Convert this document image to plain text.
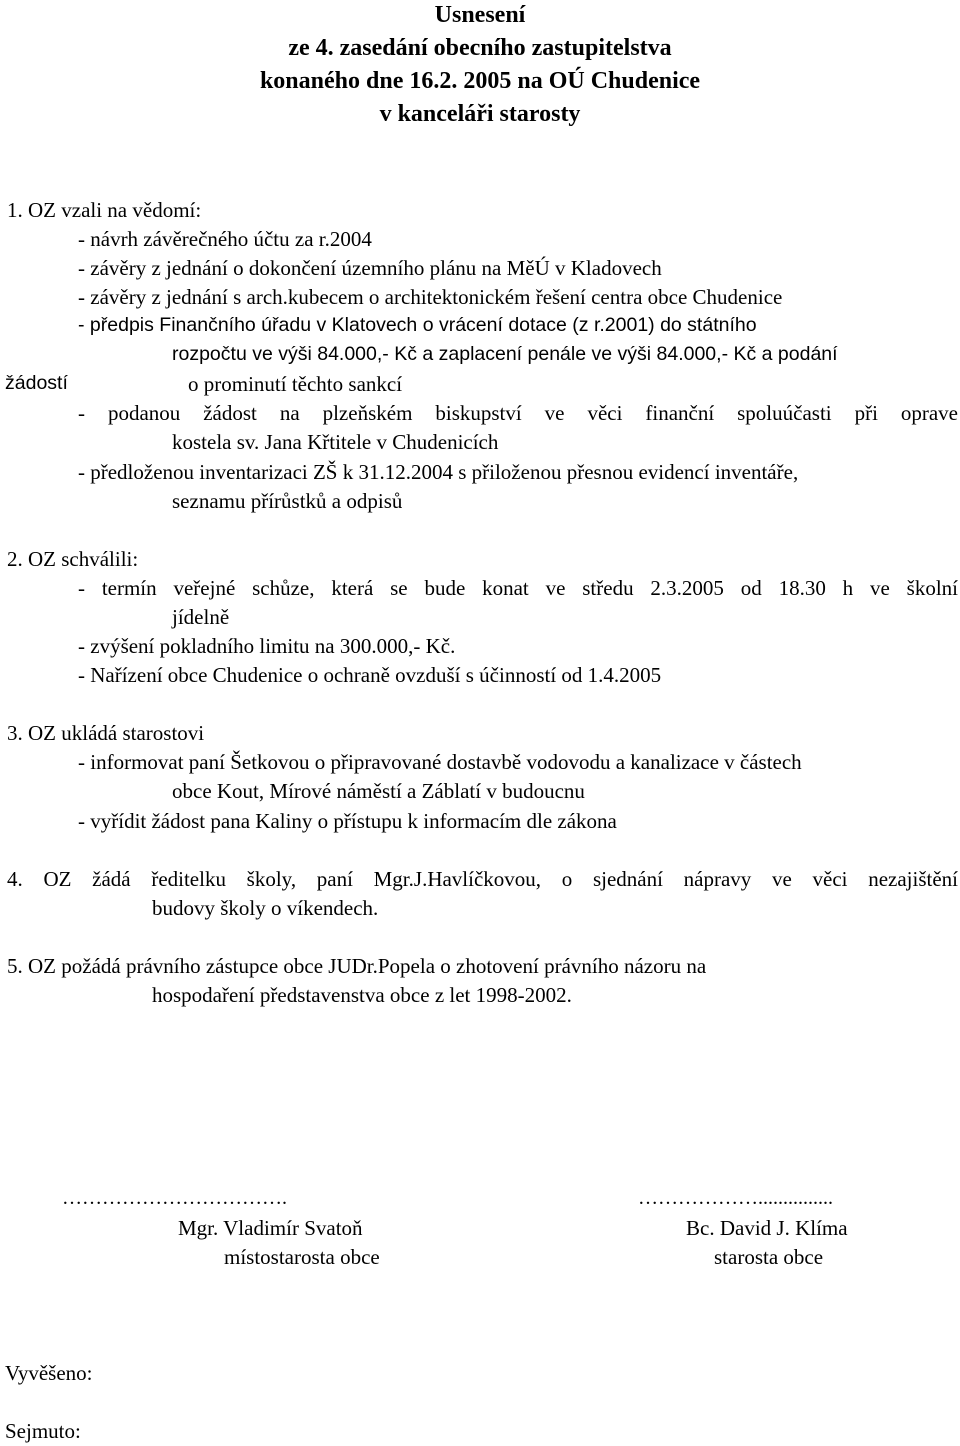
Usnesení
ze 4. zasedání obecního zastupitelstva
konaného dne 16.2. 2005 na OÚ Chudenice
v kanceláři starosty
1. OZ vzali na vědomí:
- návrh závěrečného účtu za r.2004
- závěry z jednání o dokončení územního plánu na MěÚ v Kladovech
- závěry z jednání s arch.kubecem o architektonickém řešení centra obce Chudenice
- předpis Finančního úřadu v Klatovech o vrácení dotace (z r.2001) do státního
rozpočtu ve výši 84.000,- Kč a zaplacení penále ve výši 84.000,- Kč a podání
žádostí	o prominutí těchto sankcí
- podanou žádost na plzeňském biskupství ve věci finanční spoluúčasti při oprave
kostela sv. Jana Křtitele v Chudenicích
- předloženou inventarizaci ZŠ k 31.12.2004 s přiloženou přesnou evidencí inventáře,
seznamu přírůstků a odpisů
2. OZ schválili:
- termín veřejné schůze, která se bude konat ve středu 2.3.2005 od 18.30 h ve školní
jídelně
- zvýšení pokladního limitu na 300.000,- Kč.
- Nařízení obce Chudenice o ochraně ovzduší s účinností od 1.4.2005
3. OZ ukládá starostovi
- informovat paní Šetkovou o připravované dostavbě vodovodu a kanalizace v částech
obce Kout, Mírové náměstí a Záblatí v budoucnu
- vyřídit žádost pana Kaliny o přístupu k informacím dle zákona
4. OZ žádá ředitelku školy, paní Mgr.J.Havlíčkovou, o sjednání nápravy ve věci nezajištění
budovy školy o víkendech.
5. OZ požádá právního zástupce obce JUDr.Popela o zhotovení právního názoru na
hospodaření představenstva obce z let 1998-2002.
…………………………….	………………...............
Mgr. Vladimír Svatoň	Bc. David J. Klíma
místostarosta obce	starosta obce
Vyvěšeno:
Sejmuto:
